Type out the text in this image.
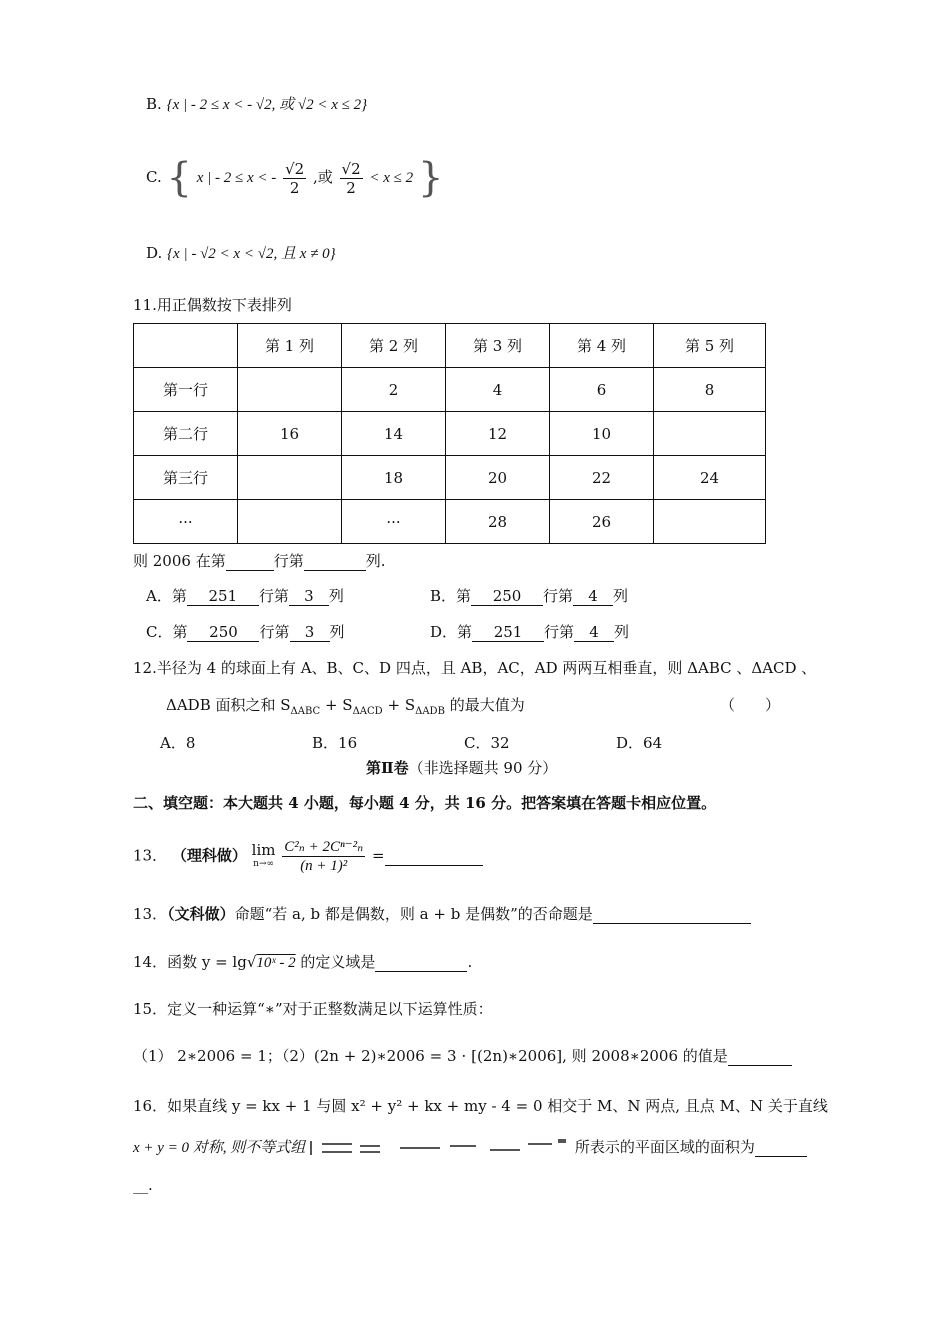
B. {x | - 2 ≤ x < - √2, 或 √2 < x ≤ 2}
C. { x | - 2 ≤ x < - $\frac{√2}{2}$ ,或 $\frac{√2}{2} < x \le 2$ }
D. {x | - √2 < x < √2, 且 x ≠ 0}
11.用正偶数按下表排列
	第 1 列	第 2 列	第 3 列	第 4 列	第 5 列
第一行		2	4	6	8
第二行	16	14	12	10	
第三行		18	20	22	24
···		···	28	26	
则 2006 在第	行第	列.
A．第 251 行第 3 列	B．第 250 行第 4 列
C．第 250 行第 3 列	D．第 251 行第 4 列
12.半径为 4 的球面上有 A、B、C、D 四点，且 AB，AC，AD 两两互相垂直，则 ΔABC 、ΔACD 、
ΔADB 面积之和 $S_{\Delta ABC} + S_{\Delta ACD} + S_{\Delta ADB}$ 的最大值为	（　　）
A．8	B．16	C．32	D．64
第Ⅱ卷（非选择题共 90 分）
二、填空题：本大题共 4 小题，每小题 4 分，共 16 分。把答案填在答题卡相应位置。
13． （理科做） lim
n→∞
$\frac{\text{C²ₙ + 2Cⁿ⁻²ₙ}}{\text{(n + 1)²}}$ =
13．（文科做）命题“若 a, b 都是偶数，则 a + b 是偶数”的否命题是
14．函数 y = lg√10ˣ - 2 的定义域是	.
15．定义一种运算“∗”对于正整数满足以下运算性质：
（1） 2∗2006 = 1；（2）(2n + 2)∗2006 = 3 ⋅ [(2n)∗2006], 则 2008∗2006 的值是
16．如果直线 y = kx + 1 与圆 x² + y² + kx + my - 4 = 0 相交于 M、N 两点, 且点 M、N 关于直线
x + y = 0 对称, 则不等式组	所表示的平面区域的面积为
__.
